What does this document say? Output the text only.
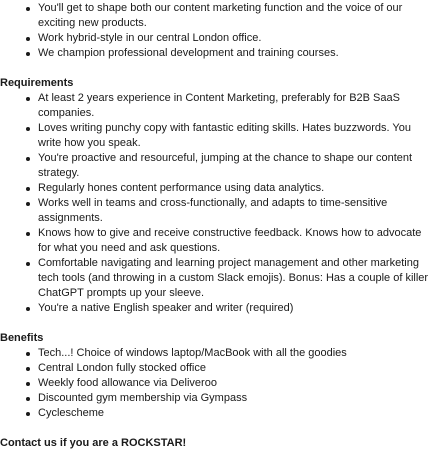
You'll get to shape both our content marketing function and the voice of our exciting new products.
Work hybrid-style in our central London office.
We champion professional development and training courses.
Requirements
At least 2 years experience in Content Marketing, preferably for B2B SaaS companies.
Loves writing punchy copy with fantastic editing skills. Hates buzzwords. You write how you speak.
You're proactive and resourceful, jumping at the chance to shape our content strategy.
Regularly hones content performance using data analytics.
Works well in teams and cross-functionally, and adapts to time-sensitive assignments.
Knows how to give and receive constructive feedback. Knows how to advocate for what you need and ask questions.
Comfortable navigating and learning project management and other marketing tech tools (and throwing in a custom Slack emojis). Bonus: Has a couple of killer ChatGPT prompts up your sleeve.
You're a native English speaker and writer (required)
Benefits
Tech...! Choice of windows laptop/MacBook with all the goodies
Central London fully stocked office
Weekly food allowance via Deliveroo
Discounted gym membership via Gympass
Cyclescheme
Contact us if you are a ROCKSTAR!
